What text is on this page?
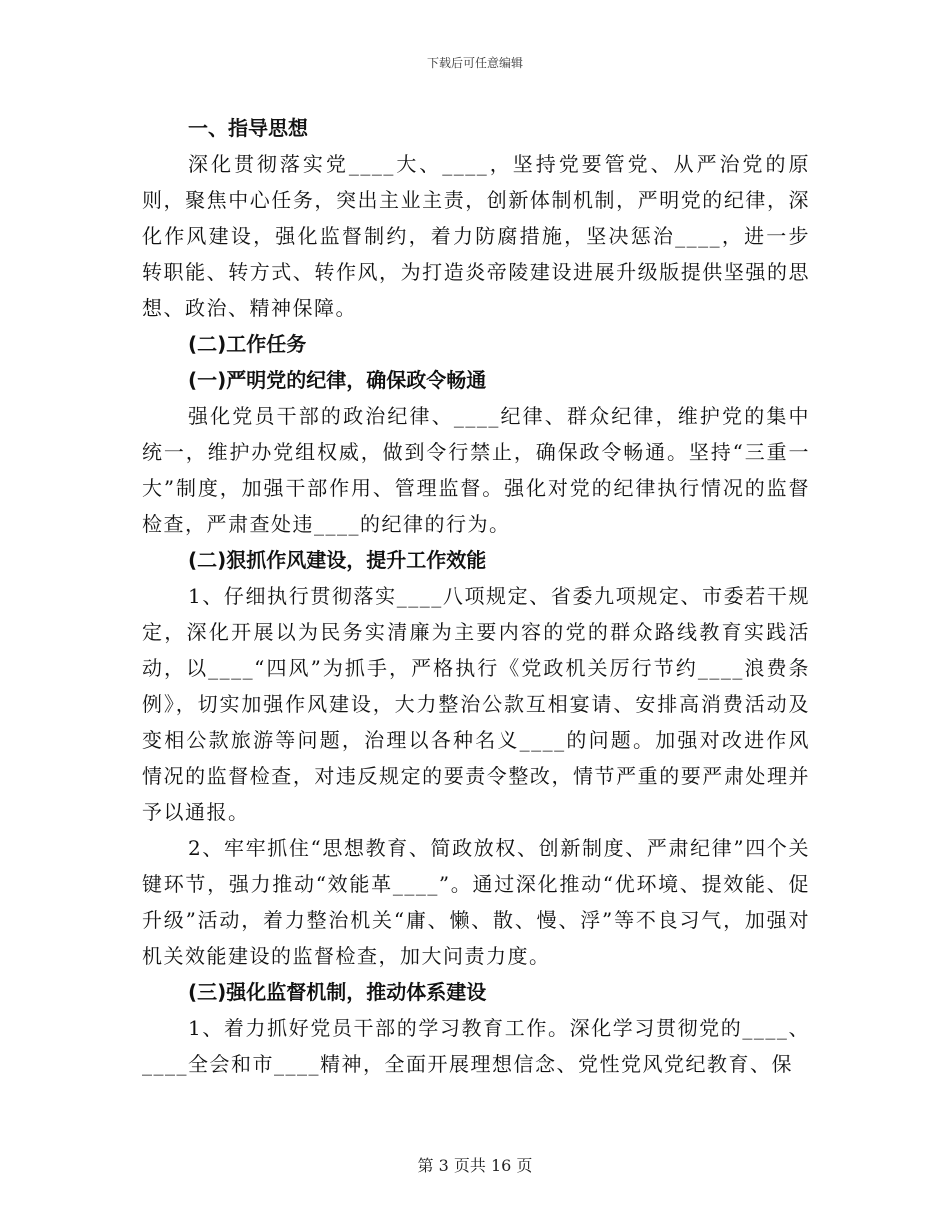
下载后可任意编辑

一、指导思想

深化贯彻落实党____大、____，坚持党要管党、从严治党的原则，聚焦中心任务，突出主业主责，创新体制机制，严明党的纪律，深化作风建设，强化监督制约，着力防腐措施，坚决惩治____，进一步转职能、转方式、转作风，为打造炎帝陵建设进展升级版提供坚强的思想、政治、精神保障。

(二)工作任务

(一)严明党的纪律，确保政令畅通

强化党员干部的政治纪律、____纪律、群众纪律，维护党的集中统一，维护办党组权威，做到令行禁止，确保政令畅通。坚持“三重一大”制度，加强干部作用、管理监督。强化对党的纪律执行情况的监督检查，严肃查处违____的纪律的行为。

(二)狠抓作风建设，提升工作效能

1、仔细执行贯彻落实____八项规定、省委九项规定、市委若干规定，深化开展以为民务实清廉为主要内容的党的群众路线教育实践活动，以____“四风”为抓手，严格执行《党政机关厉行节约____浪费条例》，切实加强作风建设，大力整治公款互相宴请、安排高消费活动及变相公款旅游等问题，治理以各种名义____的问题。加强对改进作风情况的监督检查，对违反规定的要责令整改，情节严重的要严肃处理并予以通报。

2、牢牢抓住“思想教育、简政放权、创新制度、严肃纪律”四个关键环节，强力推动“效能革____”。通过深化推动“优环境、提效能、促升级”活动，着力整治机关“庸、懒、散、慢、浮”等不良习气，加强对机关效能建设的监督检查，加大问责力度。

(三)强化监督机制，推动体系建设

1、着力抓好党员干部的学习教育工作。深化学习贯彻党的____、____全会和市____精神，全面开展理想信念、党性党风党纪教育、保

第 3 页共 16 页
